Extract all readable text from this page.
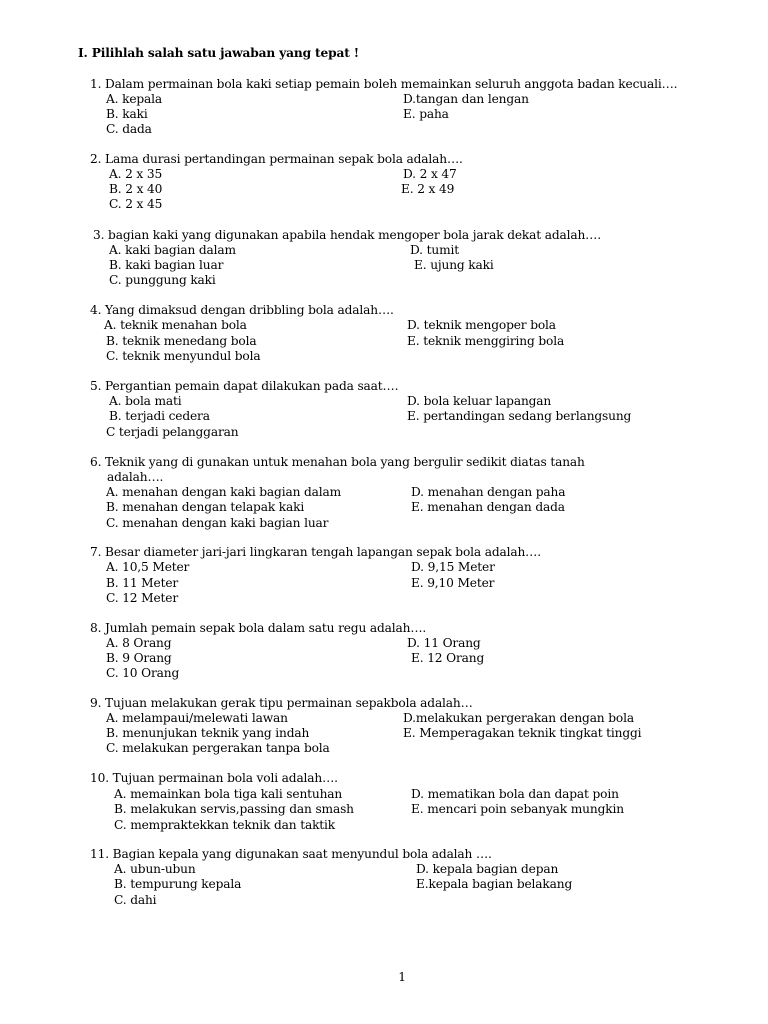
I. Pilihlah salah satu jawaban yang tepat !
1. Dalam permainan bola kaki setiap pemain boleh memainkan seluruh anggota badan kecuali….
A. kepala	D.tangan dan lengan
B. kaki	E. paha
C. dada
2. Lama durasi pertandingan permainan sepak bola adalah….
A. 2 x 35	D. 2 x 47
B. 2 x 40	E. 2 x 49
C. 2 x 45
3. bagian kaki yang digunakan apabila hendak mengoper bola jarak dekat adalah….
A. kaki bagian dalam	D. tumit
B. kaki bagian luar	E. ujung kaki
C. punggung kaki
4. Yang dimaksud dengan dribbling bola adalah….
A. teknik menahan bola	D. teknik mengoper bola
B. teknik menedang bola	E. teknik menggiring bola
C. teknik menyundul bola
5. Pergantian pemain dapat dilakukan pada saat….
A. bola mati	D. bola keluar lapangan
B. terjadi cedera	E. pertandingan sedang berlangsung
C terjadi pelanggaran
6. Teknik yang di gunakan untuk menahan bola yang bergulir sedikit diatas tanah
adalah….
A. menahan dengan kaki bagian dalam	D. menahan dengan paha
B. menahan dengan telapak kaki	E. menahan dengan dada
C. menahan dengan kaki bagian luar
7. Besar diameter jari-jari lingkaran tengah lapangan sepak bola adalah….
A. 10,5 Meter	D. 9,15 Meter
B. 11 Meter	E. 9,10 Meter
C. 12 Meter
8. Jumlah pemain sepak bola dalam satu regu adalah….
A. 8 Orang	D. 11 Orang
B. 9 Orang	E. 12 Orang
C. 10 Orang
9. Tujuan melakukan gerak tipu permainan sepakbola adalah…
A. melampaui/melewati lawan	D.melakukan pergerakan dengan bola
B. menunjukan teknik yang indah	E. Memperagakan teknik tingkat tinggi
C. melakukan pergerakan tanpa bola
10. Tujuan permainan bola voli adalah….
A. memainkan bola tiga kali sentuhan	D. mematikan bola dan dapat poin
B. melakukan servis,passing dan smash	E. mencari poin sebanyak mungkin
C. mempraktekkan teknik dan taktik
11. Bagian kepala yang digunakan saat menyundul bola adalah ….
A. ubun-ubun	D. kepala bagian depan
B. tempurung kepala	E.kepala bagian belakang
C. dahi
1
